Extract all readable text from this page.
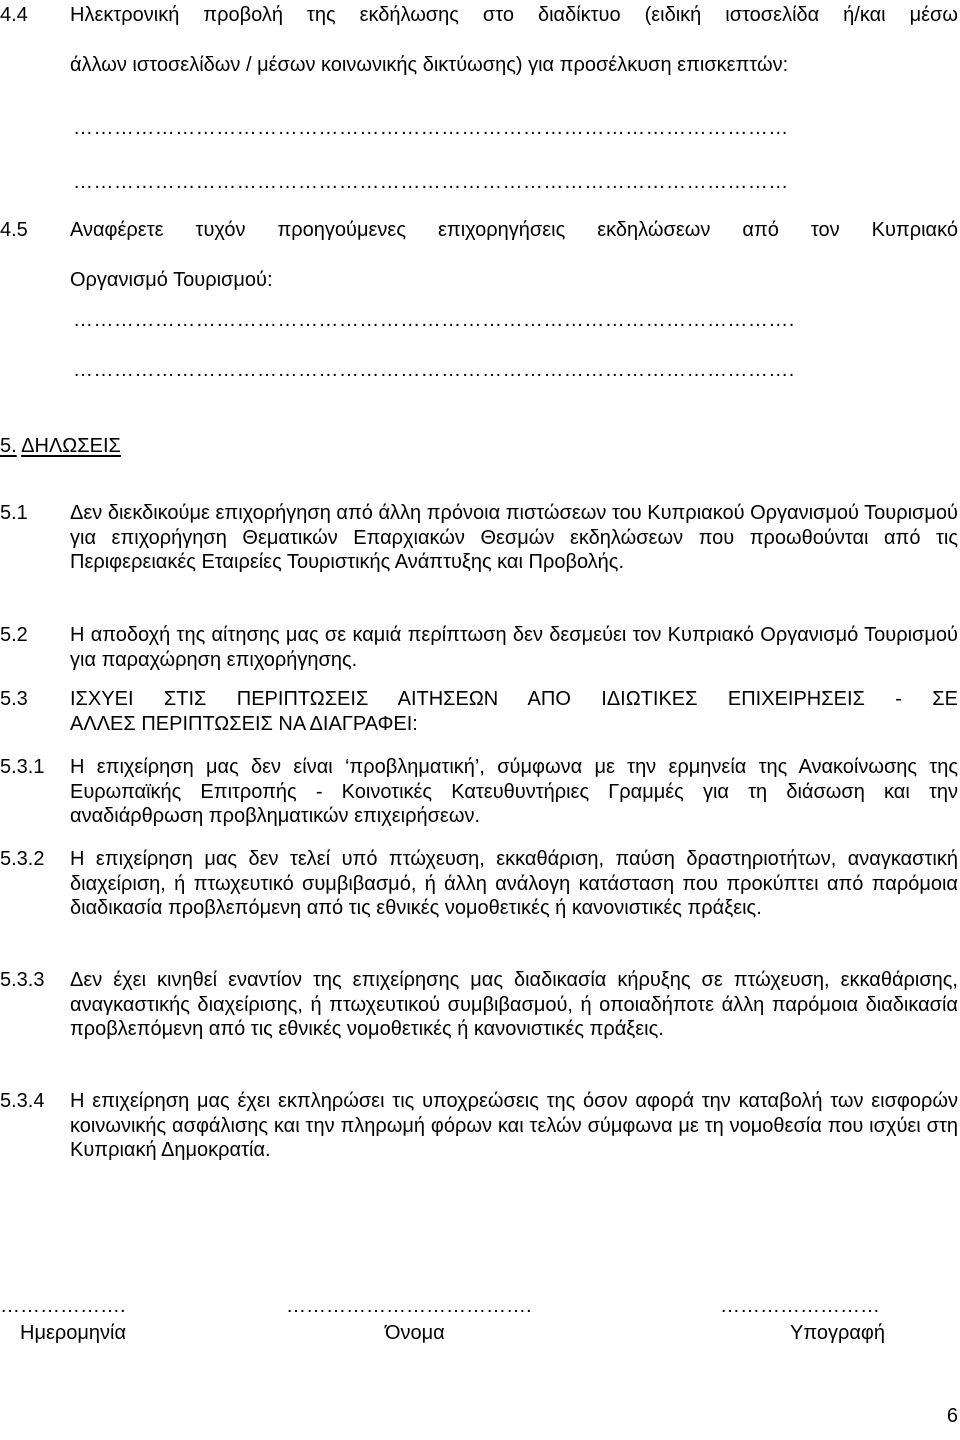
4.4	Ηλεκτρονική προβολή της εκδήλωσης στο διαδίκτυο (ειδική ιστοσελίδα ή/και μέσω
άλλων ιστοσελίδων / μέσων κοινωνικής δικτύωσης) για προσέλκυση επισκεπτών:
……………………………………………………………………………………………
……………………………………………………………………………………………
4.5	Αναφέρετε τυχόν προηγούμενες επιχορηγήσεις εκδηλώσεων από τον Κυπριακό
Οργανισμό Τουρισμού:
…………………………………………………………………………………………….
…………………………………………………………………………………………….
5. ΔΗΛΩΣΕΙΣ
5.1	Δεν διεκδικούμε επιχορήγηση από άλλη πρόνοια πιστώσεων του Κυπριακού Οργανισμού Τουρισμού για επιχορήγηση Θεματικών Επαρχιακών Θεσμών εκδηλώσεων που προωθούνται από τις Περιφερειακές Εταιρείες Τουριστικής Ανάπτυξης και Προβολής.
5.2	Η αποδοχή της αίτησης μας σε καμιά περίπτωση δεν δεσμεύει τον Κυπριακό Οργανισμό Τουρισμού για παραχώρηση επιχορήγησης.
5.3	ΙΣΧΥΕΙ ΣΤΙΣ ΠΕΡΙΠΤΩΣΕΙΣ ΑΙΤΗΣΕΩΝ ΑΠΟ ΙΔΙΩΤΙΚΕΣ ΕΠΙΧΕΙΡΗΣΕΙΣ - ΣΕ
ΑΛΛΕΣ ΠΕΡΙΠΤΩΣΕΙΣ ΝΑ ΔΙΑΓΡΑΦΕΙ:
5.3.1	Η επιχείρηση μας δεν είναι ‘προβληματική’, σύμφωνα με την ερμηνεία της Ανακοίνωσης της Ευρωπαϊκής Επιτροπής - Κοινοτικές Κατευθυντήριες Γραμμές για τη διάσωση και την αναδιάρθρωση προβληματικών επιχειρήσεων.
5.3.2	Η επιχείρηση μας δεν τελεί υπό πτώχευση, εκκαθάριση, παύση δραστηριοτήτων, αναγκαστική διαχείριση, ή πτωχευτικό συμβιβασμό, ή άλλη ανάλογη κατάσταση που προκύπτει από παρόμοια διαδικασία προβλεπόμενη από τις εθνικές νομοθετικές ή κανονιστικές πράξεις.
5.3.3	Δεν έχει κινηθεί εναντίον της επιχείρησης μας διαδικασία κήρυξης σε πτώχευση, εκκαθάρισης, αναγκαστικής διαχείρισης, ή πτωχευτικού συμβιβασμού, ή οποιαδήποτε άλλη παρόμοια διαδικασία προβλεπόμενη από τις εθνικές νομοθετικές ή κανονιστικές πράξεις.
5.3.4	Η επιχείρηση μας έχει εκπληρώσει τις υποχρεώσεις της όσον αφορά την καταβολή των εισφορών κοινωνικής ασφάλισης και την πληρωμή φόρων και τελών σύμφωνα με τη νομοθεσία που ισχύει στη Κυπριακή Δημοκρατία.
……………….
Ημερομηνία
……………………………….
Όνομα
……………………
Υπογραφή
6
